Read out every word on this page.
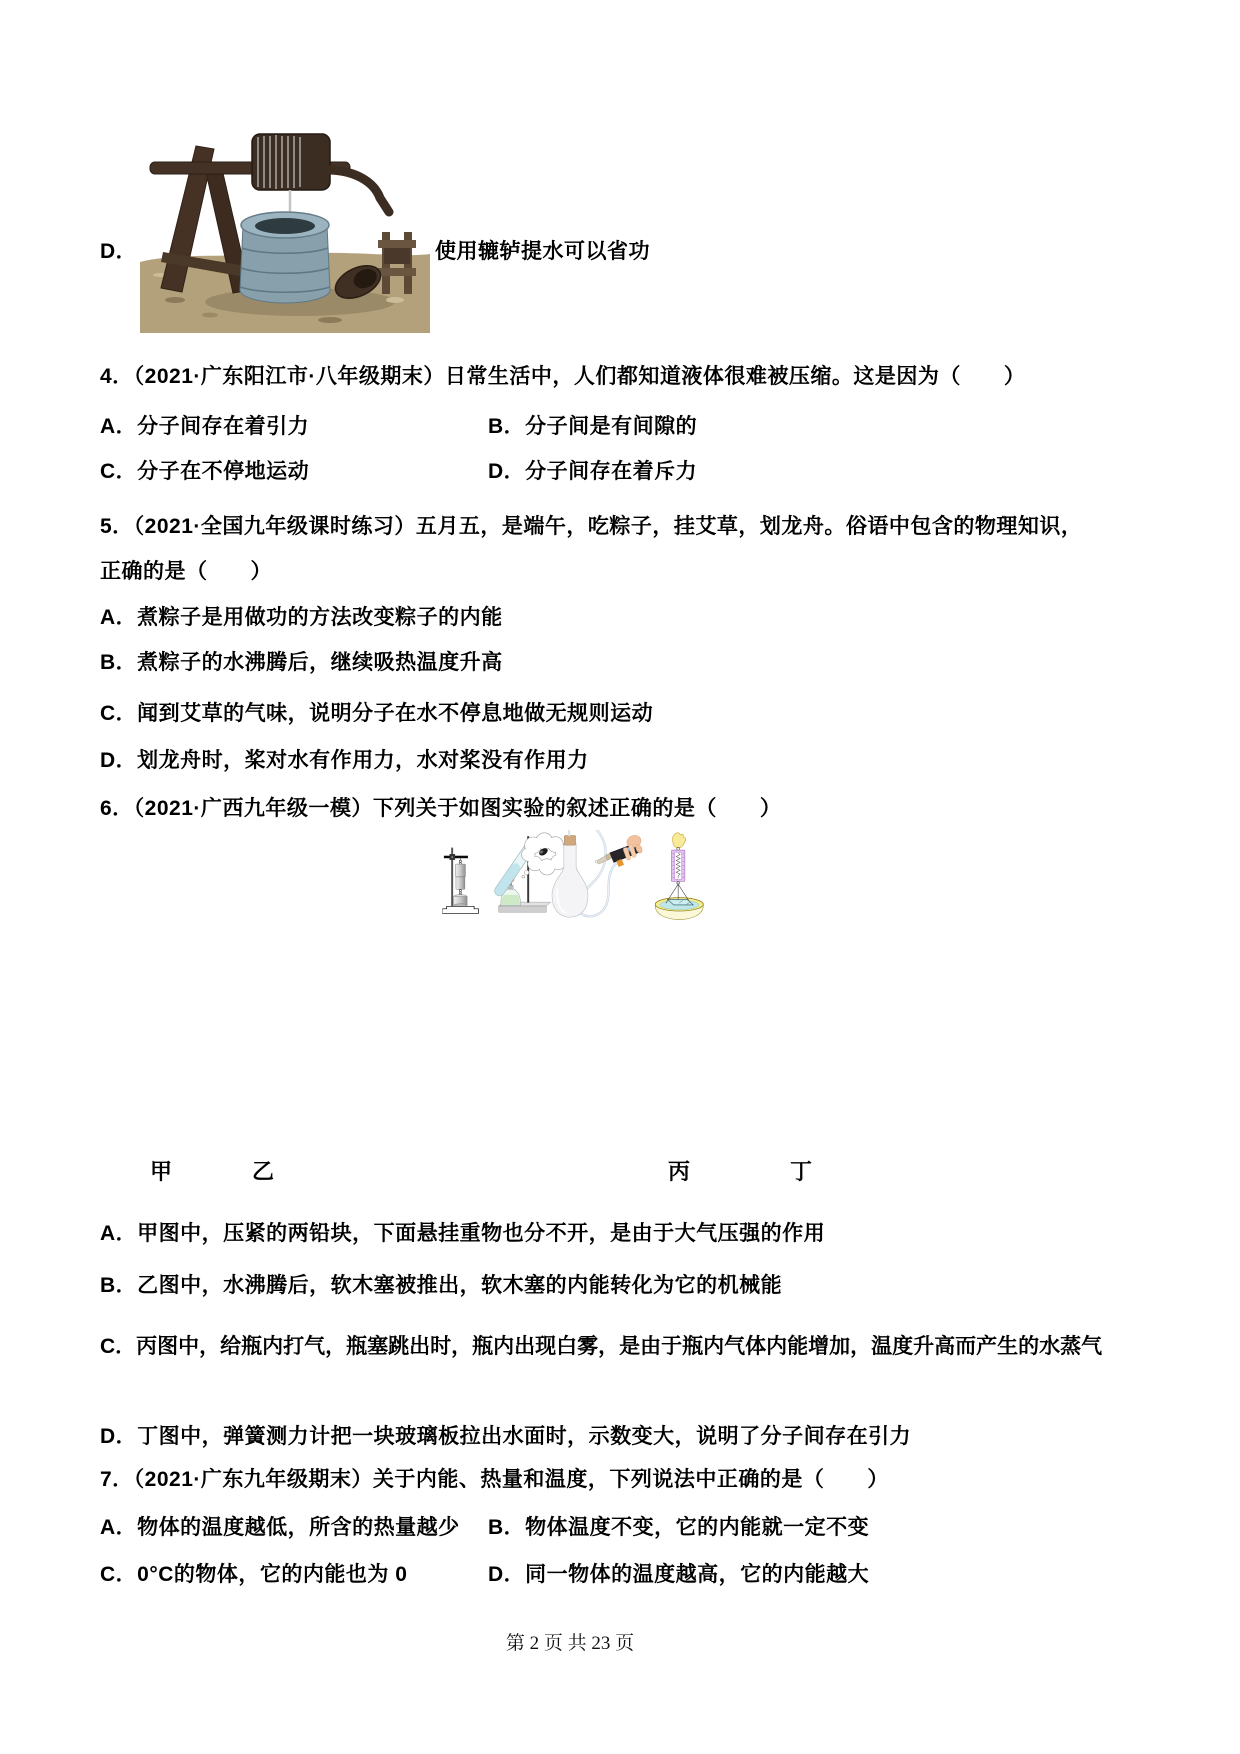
D．	使用辘轳提水可以省功
4．（2021·广东阳江市·八年级期末）日常生活中，人们都知道液体很难被压缩。这是因为（　　）
A．分子间存在着引力	B．分子间是有间隙的
C．分子在不停地运动	D．分子间存在着斥力
5．（2021·全国九年级课时练习）五月五，是端午，吃粽子，挂艾草，划龙舟。俗语中包含的物理知识，
正确的是（　　）
A．煮粽子是用做功的方法改变粽子的内能
B．煮粽子的水沸腾后，继续吸热温度升高
C．闻到艾草的气味，说明分子在水不停息地做无规则运动
D．划龙舟时，桨对水有作用力，水对桨没有作用力
6．（2021·广西九年级一模）下列关于如图实验的叙述正确的是（　　）
甲	乙	丙	丁
A．甲图中，压紧的两铅块，下面悬挂重物也分不开，是由于大气压强的作用
B．乙图中，水沸腾后，软木塞被推出，软木塞的内能转化为它的机械能
C．丙图中，给瓶内打气，瓶塞跳出时，瓶内出现白雾，是由于瓶内气体内能增加，温度升高而产生的水蒸气
D．丁图中，弹簧测力计把一块玻璃板拉出水面时，示数变大，说明了分子间存在引力
7．（2021·广东九年级期末）关于内能、热量和温度，下列说法中正确的是（　　）
A．物体的温度越低，所含的热量越少 B．物体温度不变，它的内能就一定不变
C．0°C的物体，它的内能也为 0	D．同一物体的温度越高，它的内能越大
第 2 页 共 23 页
